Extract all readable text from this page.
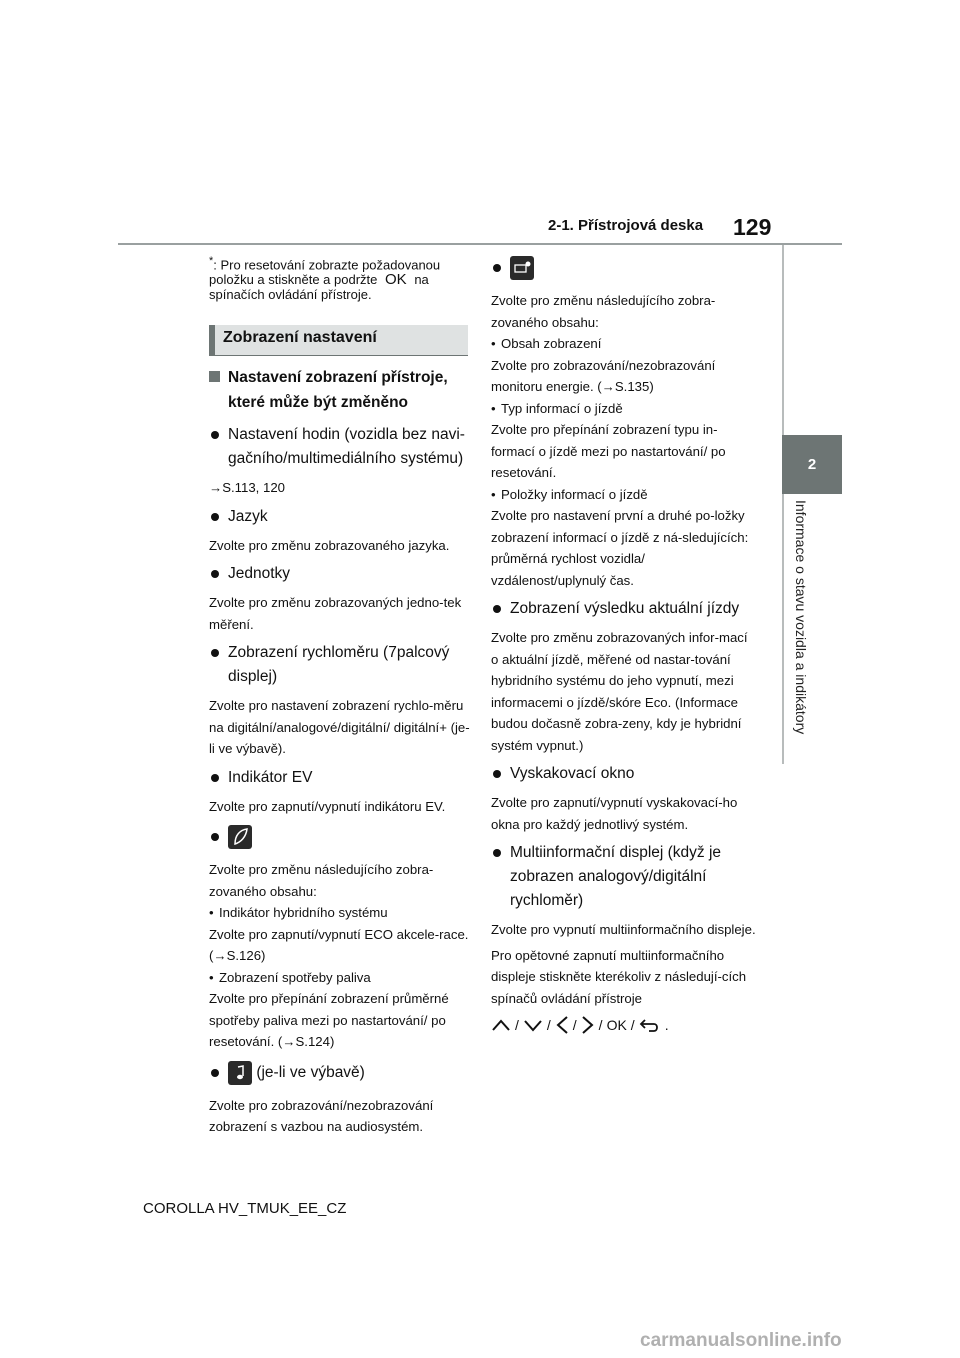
2-1. Přístrojová deska 129
2
Informace o stavu vozidla a indikátory
*: Pro resetování zobrazte požadovanou položku a stiskněte a podržte OK na spínačích ovládání přístroje.
Zobrazení nastavení
Nastavení zobrazení přístroje, které může být změněno
Nastavení hodin (vozidla bez navi-gačního/multimediálního systému)
→S.113, 120
Jazyk
Zvolte pro změnu zobrazovaného jazyka.
Jednotky
Zvolte pro změnu zobrazovaných jedno-tek měření.
Zobrazení rychloměru (7palcový displej)
Zvolte pro nastavení zobrazení rychlo-měru na digitální/analogové/digitální/ digitální+ (je-li ve výbavě).
Indikátor EV
Zvolte pro zapnutí/vypnutí indikátoru EV.
Zvolte pro změnu následujícího zobra-zovaného obsahu:
• Indikátor hybridního systému
Zvolte pro zapnutí/vypnutí ECO akcele-race. (→S.126)
• Zobrazení spotřeby paliva
Zvolte pro přepínání zobrazení průměrné spotřeby paliva mezi po nastartování/ po resetování. (→S.124)
(je-li ve výbavě)
Zvolte pro zobrazování/nezobrazování zobrazení s vazbou na audiosystém.
Zvolte pro změnu následujícího zobra-zovaného obsahu:
• Obsah zobrazení
Zvolte pro zobrazování/nezobrazování monitoru energie. (→S.135)
• Typ informací o jízdě
Zvolte pro přepínání zobrazení typu in-formací o jízdě mezi po nastartování/ po resetování.
• Položky informací o jízdě
Zvolte pro nastavení první a druhé po-ložky zobrazení informací o jízdě z ná-sledujících: průměrná rychlost vozidla/ vzdálenost/uplynulý čas.
Zobrazení výsledku aktuální jízdy
Zvolte pro změnu zobrazovaných infor-mací o aktuální jízdě, měřené od nastar-tování hybridního systému do jeho vypnutí, mezi informacemi o jízdě/skóre Eco. (Informace budou dočasně zobra-zeny, kdy je hybridní systém vypnut.)
Vyskakovací okno
Zvolte pro zapnutí/vypnutí vyskakovací-ho okna pro každý jednotlivý systém.
Multiinformační displej (když je zobrazen analogový/digitální rychloměr)
Zvolte pro vypnutí multiinformačního displeje.
Pro opětovné zapnutí multiinformačního displeje stiskněte kterékoliv z následují-cích spínačů ovládání přístroje
/ / / / OK / .
COROLLA HV_TMUK_EE_CZ
carmanualsonline.info
